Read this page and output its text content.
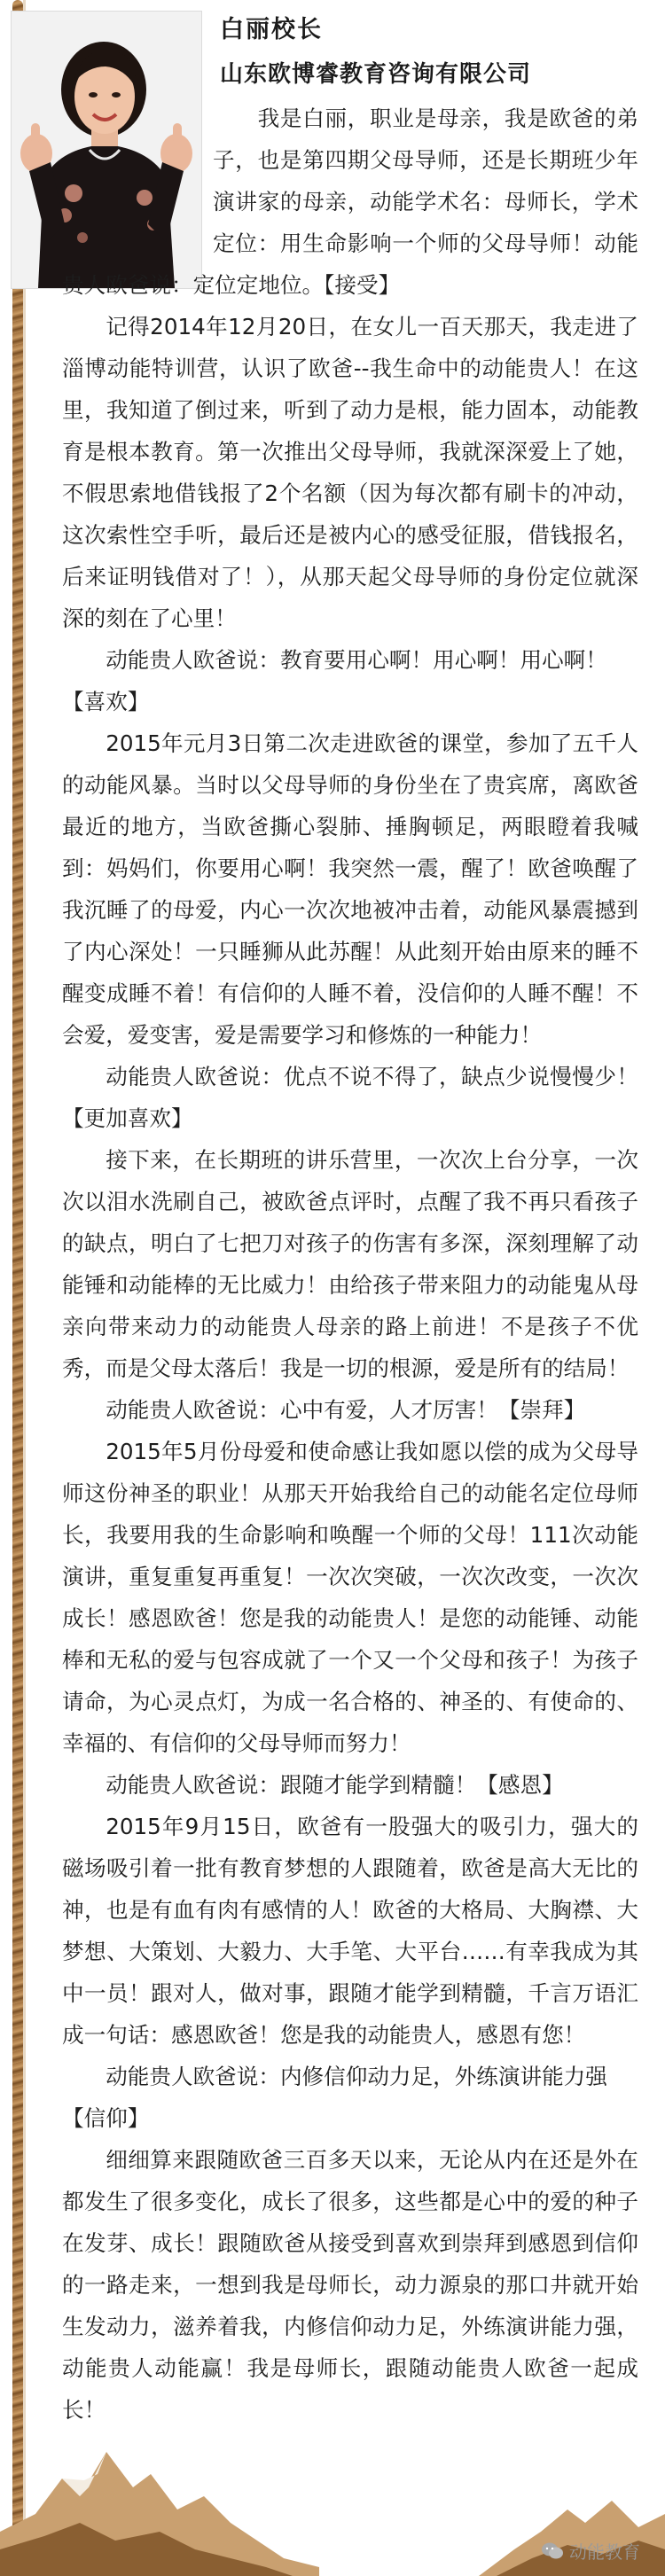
白丽校长
山东欧博睿教育咨询有限公司

　　我是白丽，职业是母亲，我是欧爸的弟子，也是第四期父母导师，还是长期班少年演讲家的母亲，动能学术名：母师长，学术定位：用生命影响一个师的父母导师！动能贵人欧爸说：定位定地位。【接受】

记得2014年12月20日，在女儿一百天那天，我走进了淄博动能特训营，认识了欧爸--我生命中的动能贵人！在这里，我知道了倒过来，听到了动力是根，能力固本，动能教育是根本教育。第一次推出父母导师，我就深深爱上了她，不假思索地借钱报了2个名额（因为每次都有刷卡的冲动，这次索性空手听，最后还是被内心的感受征服，借钱报名，后来证明钱借对了！），从那天起父母导师的身份定位就深深的刻在了心里！

动能贵人欧爸说：教育要用心啊！用心啊！用心啊！

【喜欢】

2015年元月3日第二次走进欧爸的课堂，参加了五千人的动能风暴。当时以父母导师的身份坐在了贵宾席，离欧爸最近的地方，当欧爸撕心裂肺、捶胸顿足，两眼瞪着我喊到：妈妈们，你要用心啊！我突然一震，醒了！欧爸唤醒了我沉睡了的母爱，内心一次次地被冲击着，动能风暴震撼到了内心深处！一只睡狮从此苏醒！从此刻开始由原来的睡不醒变成睡不着！有信仰的人睡不着，没信仰的人睡不醒！不会爱，爱变害，爱是需要学习和修炼的一种能力！

动能贵人欧爸说：优点不说不得了，缺点少说慢慢少！【更加喜欢】

接下来，在长期班的讲乐营里，一次次上台分享，一次次以泪水洗刷自己，被欧爸点评时，点醒了我不再只看孩子的缺点，明白了七把刀对孩子的伤害有多深，深刻理解了动能锤和动能棒的无比威力！由给孩子带来阻力的动能鬼从母亲向带来动力的动能贵人母亲的路上前进！不是孩子不优秀，而是父母太落后！我是一切的根源，爱是所有的结局！

动能贵人欧爸说：心中有爱，人才厉害！【崇拜】

2015年5月份母爱和使命感让我如愿以偿的成为父母导师这份神圣的职业！从那天开始我给自己的动能名定位母师长，我要用我的生命影响和唤醒一个师的父母！111次动能演讲，重复重复再重复！一次次突破，一次次改变，一次次成长！感恩欧爸！您是我的动能贵人！是您的动能锤、动能棒和无私的爱与包容成就了一个又一个父母和孩子！为孩子请命，为心灵点灯，为成一名合格的、神圣的、有使命的、幸福的、有信仰的父母导师而努力！

动能贵人欧爸说：跟随才能学到精髓！【感恩】

2015年9月15日，欧爸有一股强大的吸引力，强大的磁场吸引着一批有教育梦想的人跟随着，欧爸是高大无比的神，也是有血有肉有感情的人！欧爸的大格局、大胸襟、大梦想、大策划、大毅力、大手笔、大平台……有幸我成为其中一员！跟对人，做对事，跟随才能学到精髓，千言万语汇成一句话：感恩欧爸！您是我的动能贵人，感恩有您！

动能贵人欧爸说：内修信仰动力足，外练演讲能力强

【信仰】

细细算来跟随欧爸三百多天以来，无论从内在还是外在都发生了很多变化，成长了很多，这些都是心中的爱的种子在发芽、成长！跟随欧爸从接受到喜欢到崇拜到感恩到信仰的一路走来，一想到我是母师长，动力源泉的那口井就开始生发动力，滋养着我，内修信仰动力足，外练演讲能力强，动能贵人动能赢！我是母师长，跟随动能贵人欧爸一起成长！

动能教育
